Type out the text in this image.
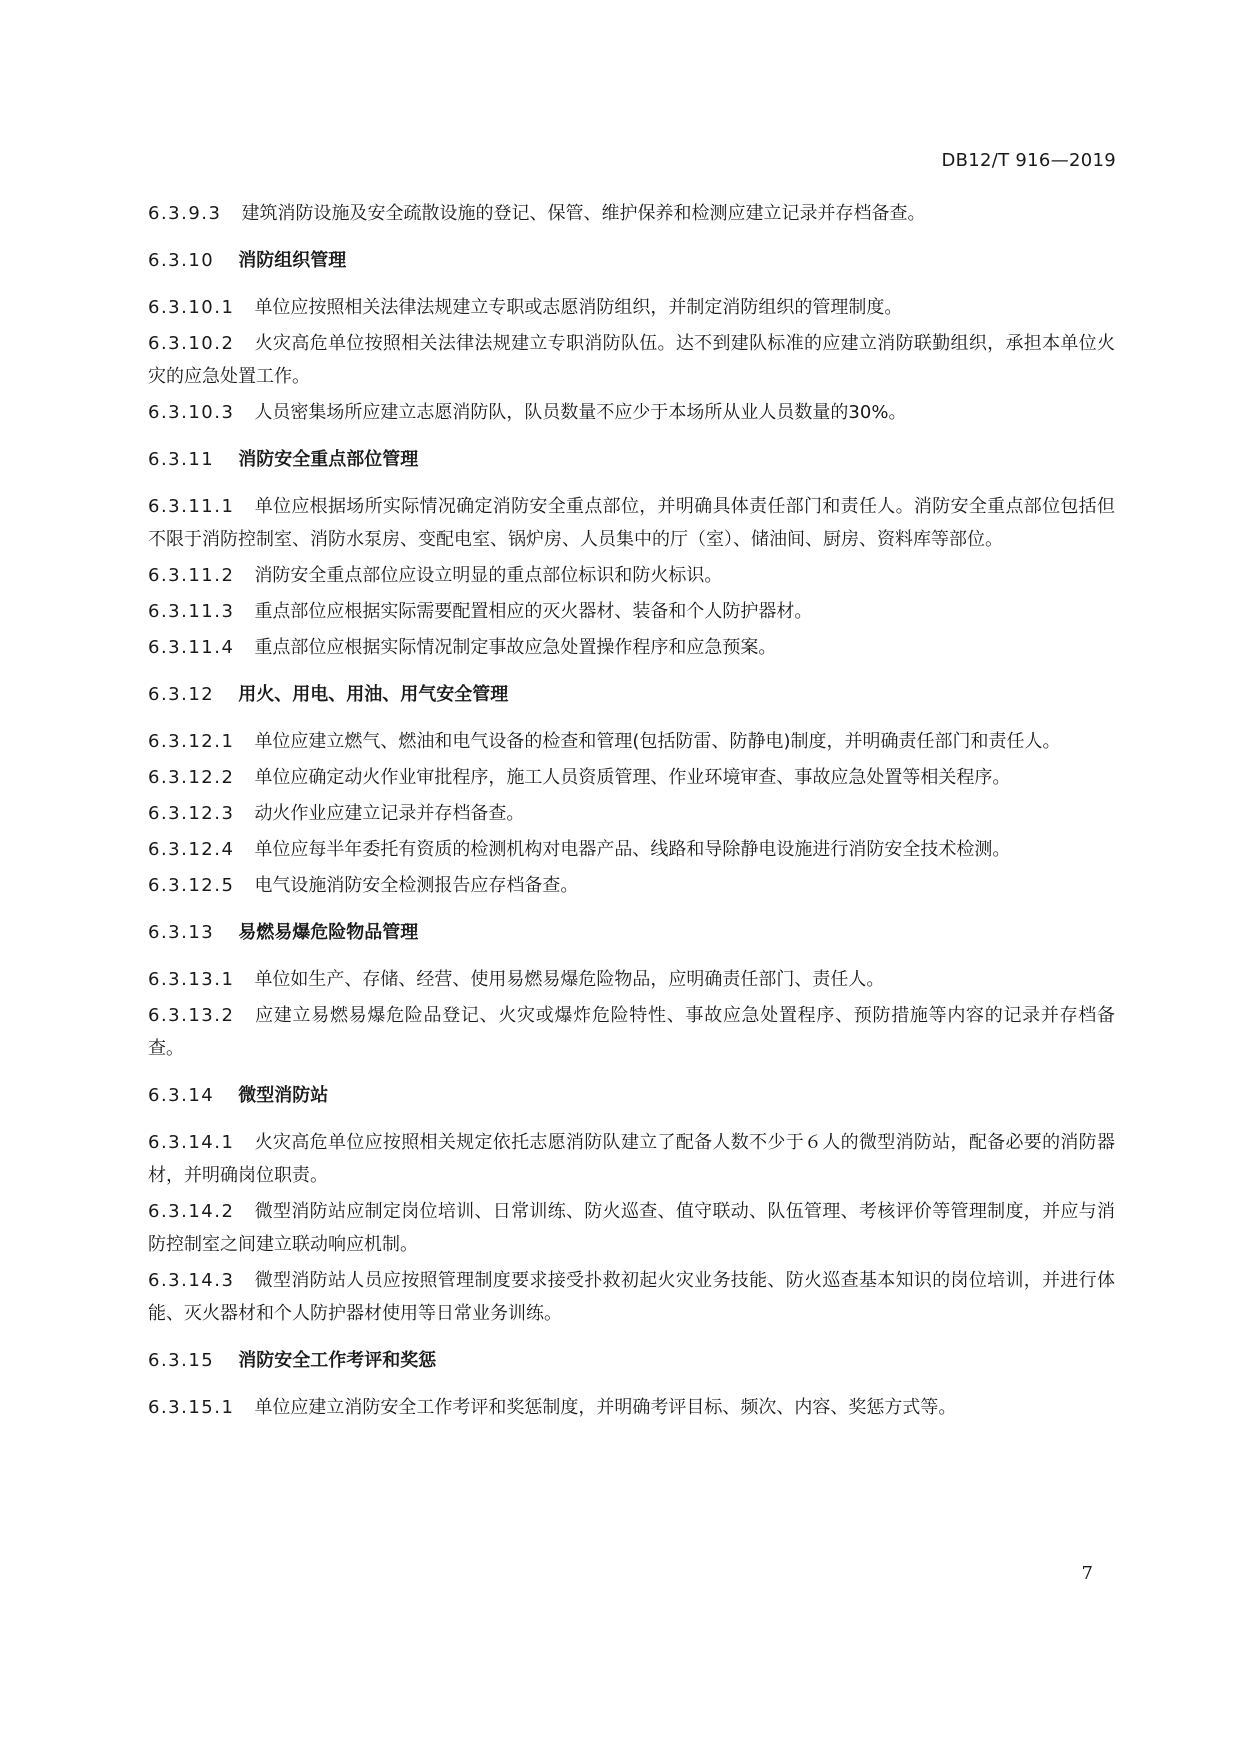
DB12/T 916—2019
6.3.9.3 建筑消防设施及安全疏散设施的登记、保管、维护保养和检测应建立记录并存档备查。
6.3.10 消防组织管理
6.3.10.1 单位应按照相关法律法规建立专职或志愿消防组织，并制定消防组织的管理制度。
6.3.10.2 火灾高危单位按照相关法律法规建立专职消防队伍。达不到建队标准的应建立消防联勤组织，承担本单位火灾的应急处置工作。
6.3.10.3 人员密集场所应建立志愿消防队，队员数量不应少于本场所从业人员数量的30%。
6.3.11 消防安全重点部位管理
6.3.11.1 单位应根据场所实际情况确定消防安全重点部位，并明确具体责任部门和责任人。消防安全重点部位包括但不限于消防控制室、消防水泵房、变配电室、锅炉房、人员集中的厅（室）、储油间、厨房、资料库等部位。
6.3.11.2 消防安全重点部位应设立明显的重点部位标识和防火标识。
6.3.11.3 重点部位应根据实际需要配置相应的灭火器材、装备和个人防护器材。
6.3.11.4 重点部位应根据实际情况制定事故应急处置操作程序和应急预案。
6.3.12 用火、用电、用油、用气安全管理
6.3.12.1 单位应建立燃气、燃油和电气设备的检查和管理(包括防雷、防静电)制度，并明确责任部门和责任人。
6.3.12.2 单位应确定动火作业审批程序，施工人员资质管理、作业环境审查、事故应急处置等相关程序。
6.3.12.3 动火作业应建立记录并存档备查。
6.3.12.4 单位应每半年委托有资质的检测机构对电器产品、线路和导除静电设施进行消防安全技术检测。
6.3.12.5 电气设施消防安全检测报告应存档备查。
6.3.13 易燃易爆危险物品管理
6.3.13.1 单位如生产、存储、经营、使用易燃易爆危险物品，应明确责任部门、责任人。
6.3.13.2 应建立易燃易爆危险品登记、火灾或爆炸危险特性、事故应急处置程序、预防措施等内容的记录并存档备查。
6.3.14 微型消防站
6.3.14.1 火灾高危单位应按照相关规定依托志愿消防队建立了配备人数不少于６人的微型消防站，配备必要的消防器材，并明确岗位职责。
6.3.14.2 微型消防站应制定岗位培训、日常训练、防火巡查、值守联动、队伍管理、考核评价等管理制度，并应与消防控制室之间建立联动响应机制。
6.3.14.3 微型消防站人员应按照管理制度要求接受扑救初起火灾业务技能、防火巡查基本知识的岗位培训，并进行体能、灭火器材和个人防护器材使用等日常业务训练。
6.3.15 消防安全工作考评和奖惩
6.3.15.1 单位应建立消防安全工作考评和奖惩制度，并明确考评目标、频次、内容、奖惩方式等。
7
